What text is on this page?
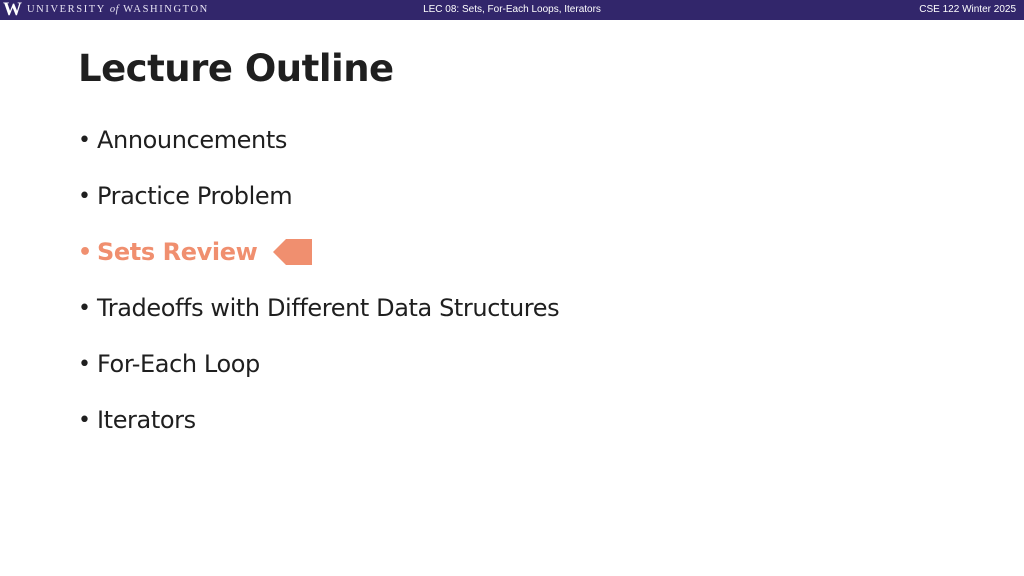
W UNIVERSITY of WASHINGTON	LEC 08: Sets, For-Each Loops, Iterators	CSE 122 Winter 2025
Lecture Outline
• Announcements
• Practice Problem
• Sets Review
• Tradeoffs with Different Data Structures
• For-Each Loop
• Iterators
